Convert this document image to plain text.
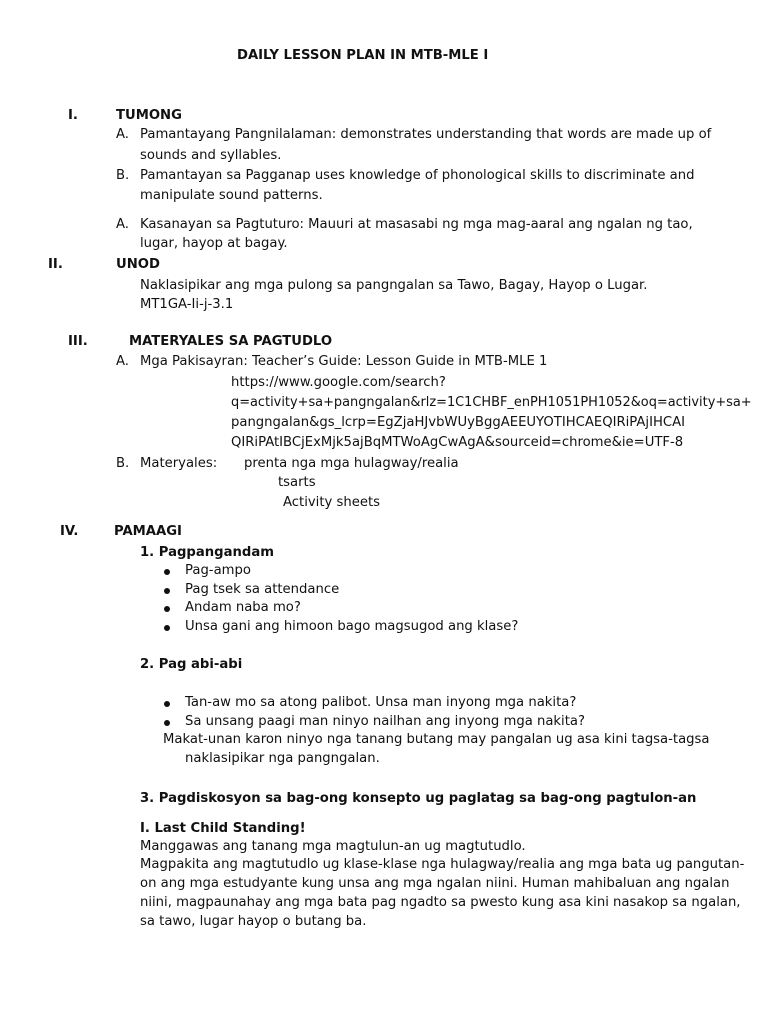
DAILY LESSON PLAN IN MTB-MLE I
I.	TUMONG
A. Pamantayang Pangnilalaman: demonstrates understanding that words are made up of
sounds and syllables.
B. Pamantayan sa Pagganap uses knowledge of phonological skills to discriminate and
manipulate sound patterns.
A. Kasanayan sa Pagtuturo: Mauuri at masasabi ng mga mag-aaral ang ngalan ng tao,
lugar, hayop at bagay.
II.	UNOD
Naklasipikar ang mga pulong sa pangngalan sa Tawo, Bagay, Hayop o Lugar.
MT1GA-Ii-j-3.1
III.	MATERYALES SA PAGTUDLO
A. Mga Pakisayran: Teacher’s Guide: Lesson Guide in MTB-MLE 1
https://www.google.com/search?
q=activity+sa+pangngalan&rlz=1C1CHBF_enPH1051PH1052&oq=activity+sa+
pangngalan&gs_lcrp=EgZjaHJvbWUyBggAEEUYOTIHCAEQIRiPAjIHCAI
QIRiPAtIBCjExMjk5ajBqMTWoAgCwAgA&sourceid=chrome&ie=UTF-8
B. Materyales: prenta nga mga hulagway/realia
tsarts
Activity sheets
IV.	PAMAAGI
1. Pagpangandam
Pag-ampo
Pag tsek sa attendance
Andam naba mo?
Unsa gani ang himoon bago magsugod ang klase?
2. Pag abi-abi
Tan-aw mo sa atong palibot. Unsa man inyong mga nakita?
Sa unsang paagi man ninyo nailhan ang inyong mga nakita?
Makat-unan karon ninyo nga tanang butang may pangalan ug asa kini tagsa-tagsa
naklasipikar nga pangngalan.
3. Pagdiskosyon sa bag-ong konsepto ug paglatag sa bag-ong pagtulon-an
I. Last Child Standing!
Manggawas ang tanang mga magtulun-an ug magtutudlo.
Magpakita ang magtutudlo ug klase-klase nga hulagway/realia ang mga bata ug pangutan-
on ang mga estudyante kung unsa ang mga ngalan niini. Human mahibaluan ang ngalan
niini, magpaunahay ang mga bata pag ngadto sa pwesto kung asa kini nasakop sa ngalan,
sa tawo, lugar hayop o butang ba.
